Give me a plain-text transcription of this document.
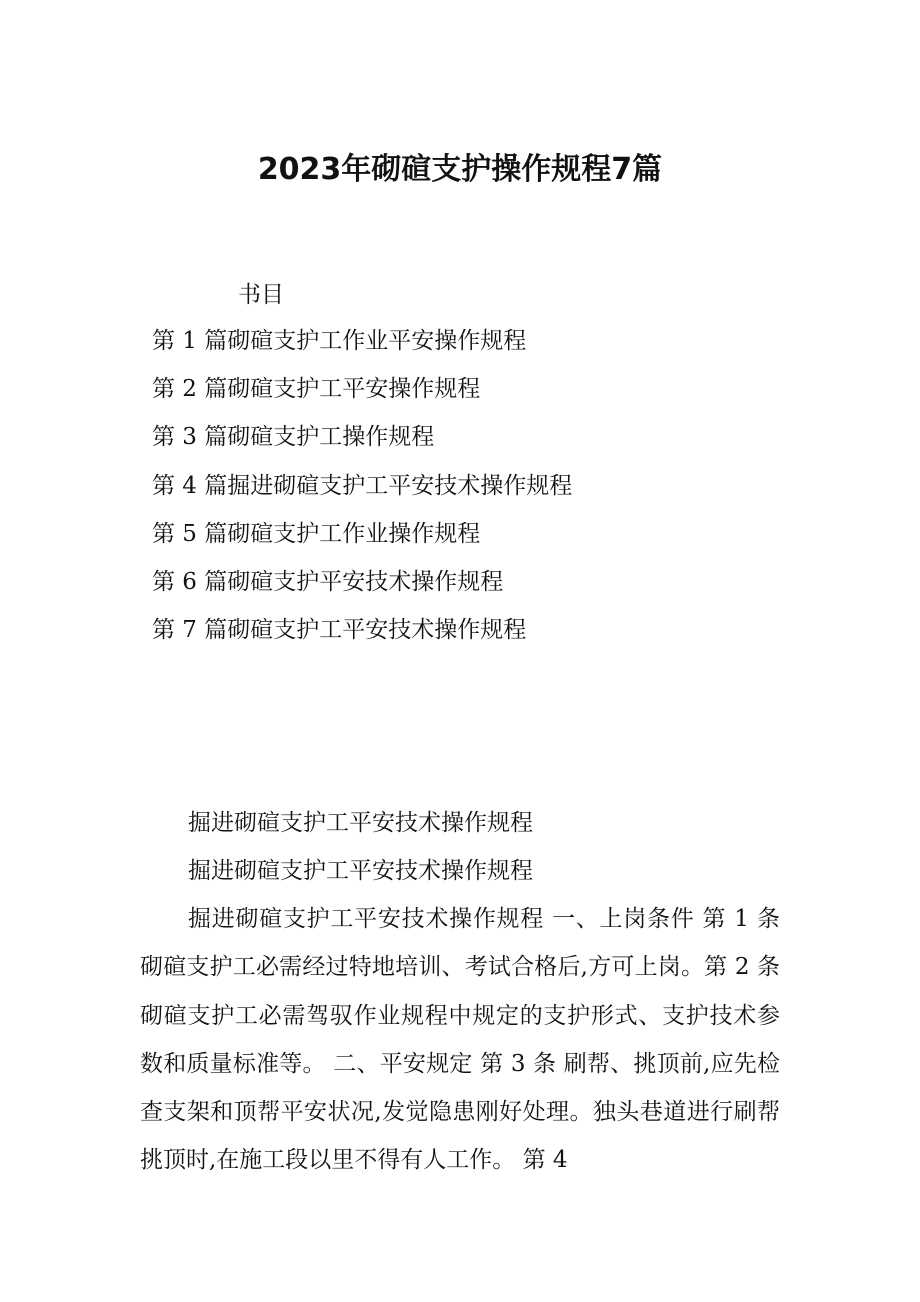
2023年砌碹支护操作规程7篇
书目
第 1 篇砌碹支护工作业平安操作规程
第 2 篇砌碹支护工平安操作规程
第 3 篇砌碹支护工操作规程
第 4 篇掘进砌碹支护工平安技术操作规程
第 5 篇砌碹支护工作业操作规程
第 6 篇砌碹支护平安技术操作规程
第 7 篇砌碹支护工平安技术操作规程
掘进砌碹支护工平安技术操作规程
掘进砌碹支护工平安技术操作规程

掘进砌碹支护工平安技术操作规程 一、上岗条件 第 1 条 砌碹支护工必需经过特地培训、考试合格后,方可上岗。第 2 条 砌碹支护工必需驾驭作业规程中规定的支护形式、支护技术参数和质量标准等。 二、平安规定 第 3 条 刷帮、挑顶前,应先检查支架和顶帮平安状况,发觉隐患刚好处理。独头巷道进行刷帮挑顶时,在施工段以里不得有人工作。 第 4
